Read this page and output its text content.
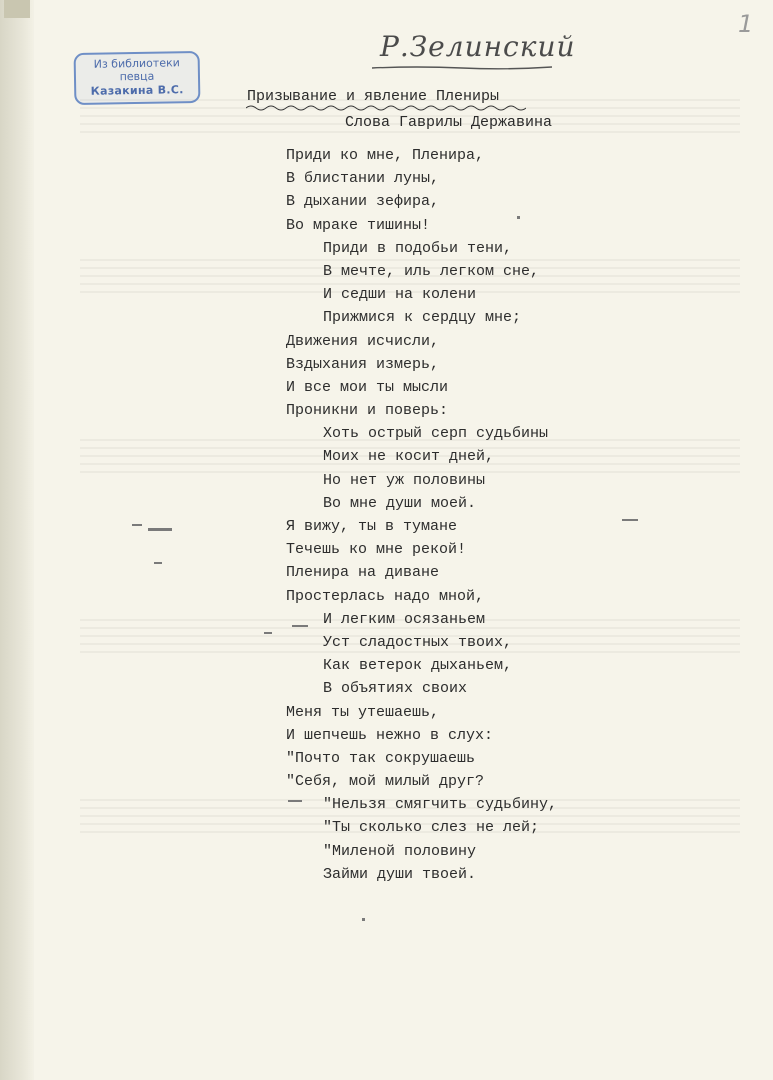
1
Р.Зелинский
Из библиотеки
певца
Казакина В.С.	Призывание и явление Плениры
Слова Гаврилы Державина
Приди ко мне, Пленира,
В блистании луны,
В дыхании зефира,
Во мраке тишины!
Приди в подобьи тени,
В мечте, иль легком сне,
И седши на колени
Прижмися к сердцу мне;
Движения исчисли,
Вздыхания измерь,
И все мои ты мысли
Проникни и поверь:
Хоть острый серп судьбины
Моих не косит дней,
Но нет уж половины
Во мне души моей.
Я вижу, ты в тумане
Течешь ко мне рекой!
Пленира на диване
Простерлась надо мной,
И легким осязаньем
Уст сладостных твоих,
Как ветерок дыханьем,
В объятиях своих
Меня ты утешаешь,
И шепчешь нежно в слух:
"Почто так сокрушаешь
"Себя, мой милый друг?
"Нельзя смягчить судьбину,
"Ты сколько слез не лей;
"Миленой половину
Займи души твоей.
